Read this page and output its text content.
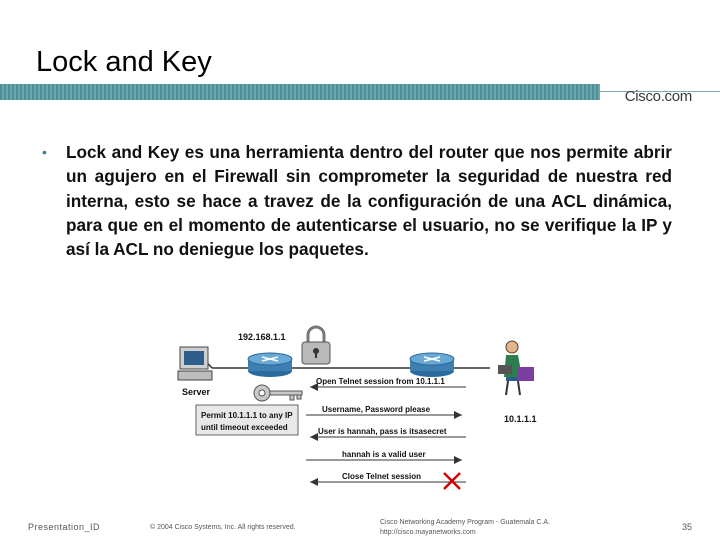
Lock and Key
Cisco.com
• Lock and Key es una herramienta dentro del router que nos permite abrir un agujero en el Firewall sin comprometer la seguridad de nuestra red interna, esto se hace a travez de la configuración de una ACL dinámica, para que en el momento de autenticarse el usuario, no se verifique la IP y así la ACL no deniegue los paquetes.
Server
192.168.1.1
10.1.1.1
Permit 10.1.1.1 to any IP
until timeout exceeded
Open Telnet session from 10.1.1.1
Username, Password please
User is hannah, pass is itsasecret
hannah is a valid user
Close Telnet session
Presentation_ID	© 2004 Cisco Systems, Inc. All rights reserved.
Cisco Networking Academy Program - Guatemala C.A.
http://cisco.mayanetworks.com
35
